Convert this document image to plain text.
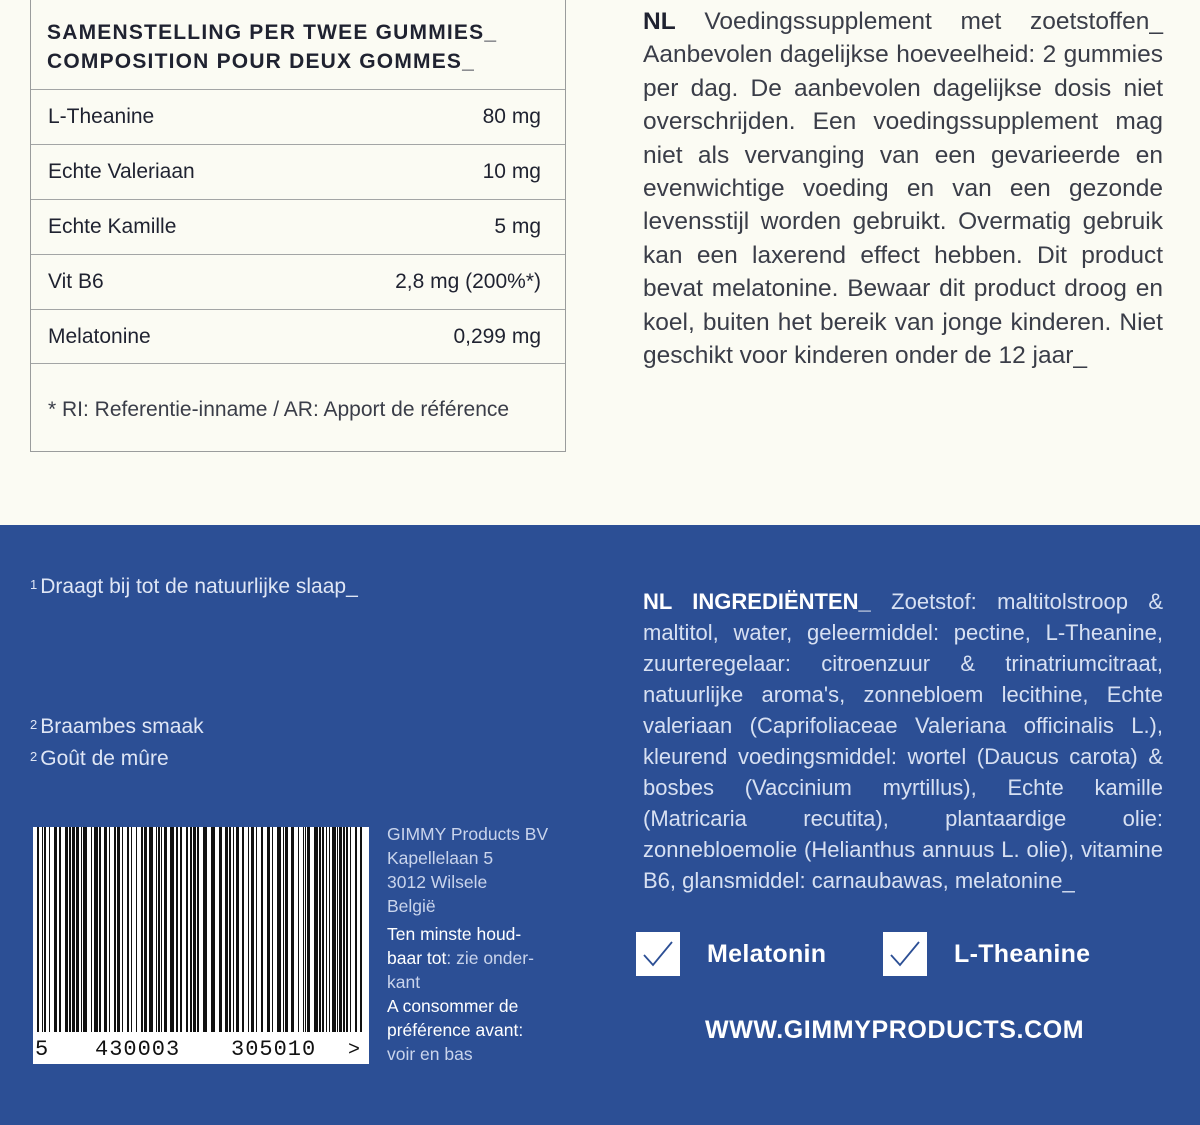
SAMENSTELLING PER TWEE GUMMIES_
COMPOSITION POUR DEUX GOMMES_
L-Theanine	80 mg
Echte Valeriaan	10 mg
Echte Kamille	5 mg
Vit B6	2,8 mg (200%*)
Melatonine	0,299 mg
* RI: Referentie-inname / AR: Apport de référence
NL Voedingssupplement met zoetstoffen_ Aanbevolen dagelijkse hoeveelheid: 2 gummies per dag. De aanbevolen dagelijkse dosis niet overschrijden. Een voedingssupplement mag niet als vervanging van een gevarieerde en evenwichtige voeding en van een gezonde levensstijl worden gebruikt. Overmatig gebruik kan een laxerend effect hebben. Dit product bevat melatonine. Bewaar dit product droog en koel, buiten het bereik van jonge kinderen. Niet geschikt voor kinderen onder de 12 jaar_
$^1$ Draagt bij tot de natuurlijke slaap_
$^2$ Braambes smaak
$^2$ Goût de mûre
5 430003 305010 >
GIMMY Products BV
Kapellelaan 5
3012 Wilsele
België
Ten minste houd-
baar tot: zie onder-
kant
A consommer de
préférence avant:
voir en bas
NL INGREDIËNTEN_ Zoetstof: maltitolstroop & maltitol, water, geleermiddel: pectine, L-Theanine, zuurteregelaar: citroenzuur & trinatriumcitraat, natuurlijke aroma's, zonnebloem lecithine, Echte valeriaan (Caprifoliaceae Valeriana officinalis L.), kleurend voedingsmiddel: wortel (Daucus carota) & bosbes (Vaccinium myrtillus), Echte kamille (Matricaria recutita), plantaardige olie: zonnebloemolie (Helianthus annuus L. olie), vitamine B6, glansmiddel: carnaubawas, melatonine_
Melatonin	L-Theanine
WWW.GIMMYPRODUCTS.COM
